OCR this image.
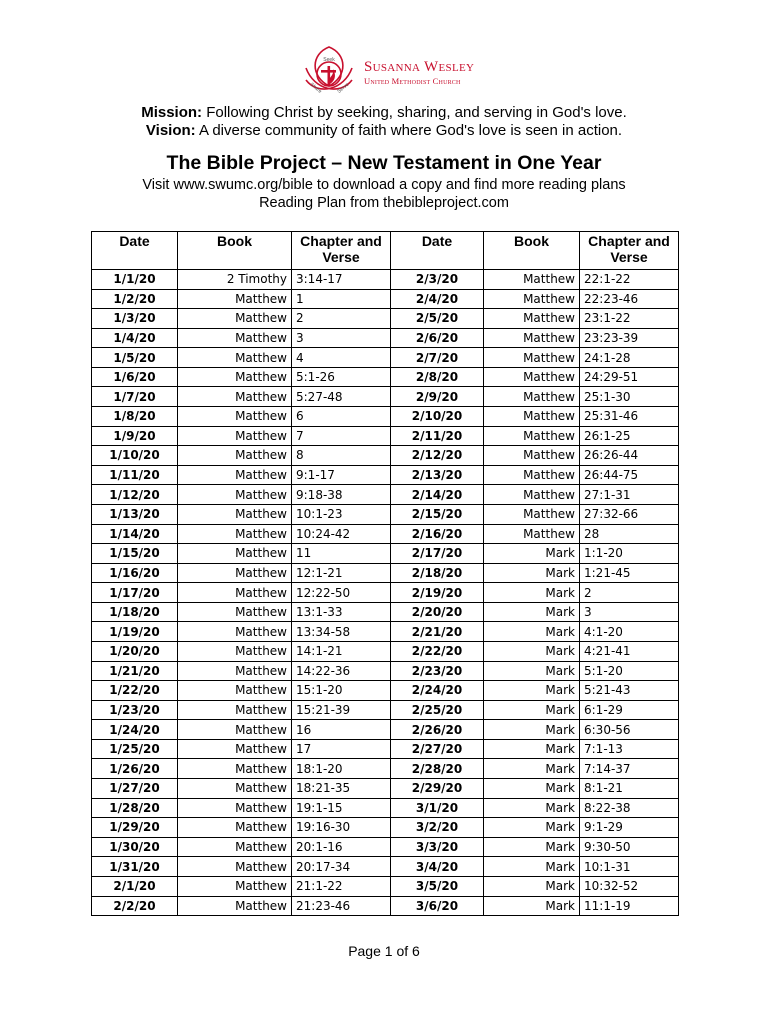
Seek
Share	Serve
Susanna Wesley
United Methodist Church
Mission: Following Christ by seeking, sharing, and serving in God's love.
Vision: A diverse community of faith where God's love is seen in action.
The Bible Project – New Testament in One Year
Visit www.swumc.org/bible to download a copy and find more reading plans
Reading Plan from thebibleproject.com
Date	Book	Chapter and Verse	Date	Book	Chapter and Verse
1/1/20	2 Timothy	3:14-17	2/3/20	Matthew	22:1-22
1/2/20	Matthew	1	2/4/20	Matthew	22:23-46
1/3/20	Matthew	2	2/5/20	Matthew	23:1-22
1/4/20	Matthew	3	2/6/20	Matthew	23:23-39
1/5/20	Matthew	4	2/7/20	Matthew	24:1-28
1/6/20	Matthew	5:1-26	2/8/20	Matthew	24:29-51
1/7/20	Matthew	5:27-48	2/9/20	Matthew	25:1-30
1/8/20	Matthew	6	2/10/20	Matthew	25:31-46
1/9/20	Matthew	7	2/11/20	Matthew	26:1-25
1/10/20	Matthew	8	2/12/20	Matthew	26:26-44
1/11/20	Matthew	9:1-17	2/13/20	Matthew	26:44-75
1/12/20	Matthew	9:18-38	2/14/20	Matthew	27:1-31
1/13/20	Matthew	10:1-23	2/15/20	Matthew	27:32-66
1/14/20	Matthew	10:24-42	2/16/20	Matthew	28
1/15/20	Matthew	11	2/17/20	Mark	1:1-20
1/16/20	Matthew	12:1-21	2/18/20	Mark	1:21-45
1/17/20	Matthew	12:22-50	2/19/20	Mark	2
1/18/20	Matthew	13:1-33	2/20/20	Mark	3
1/19/20	Matthew	13:34-58	2/21/20	Mark	4:1-20
1/20/20	Matthew	14:1-21	2/22/20	Mark	4:21-41
1/21/20	Matthew	14:22-36	2/23/20	Mark	5:1-20
1/22/20	Matthew	15:1-20	2/24/20	Mark	5:21-43
1/23/20	Matthew	15:21-39	2/25/20	Mark	6:1-29
1/24/20	Matthew	16	2/26/20	Mark	6:30-56
1/25/20	Matthew	17	2/27/20	Mark	7:1-13
1/26/20	Matthew	18:1-20	2/28/20	Mark	7:14-37
1/27/20	Matthew	18:21-35	2/29/20	Mark	8:1-21
1/28/20	Matthew	19:1-15	3/1/20	Mark	8:22-38
1/29/20	Matthew	19:16-30	3/2/20	Mark	9:1-29
1/30/20	Matthew	20:1-16	3/3/20	Mark	9:30-50
1/31/20	Matthew	20:17-34	3/4/20	Mark	10:1-31
2/1/20	Matthew	21:1-22	3/5/20	Mark	10:32-52
2/2/20	Matthew	21:23-46	3/6/20	Mark	11:1-19
Page 1 of 6
